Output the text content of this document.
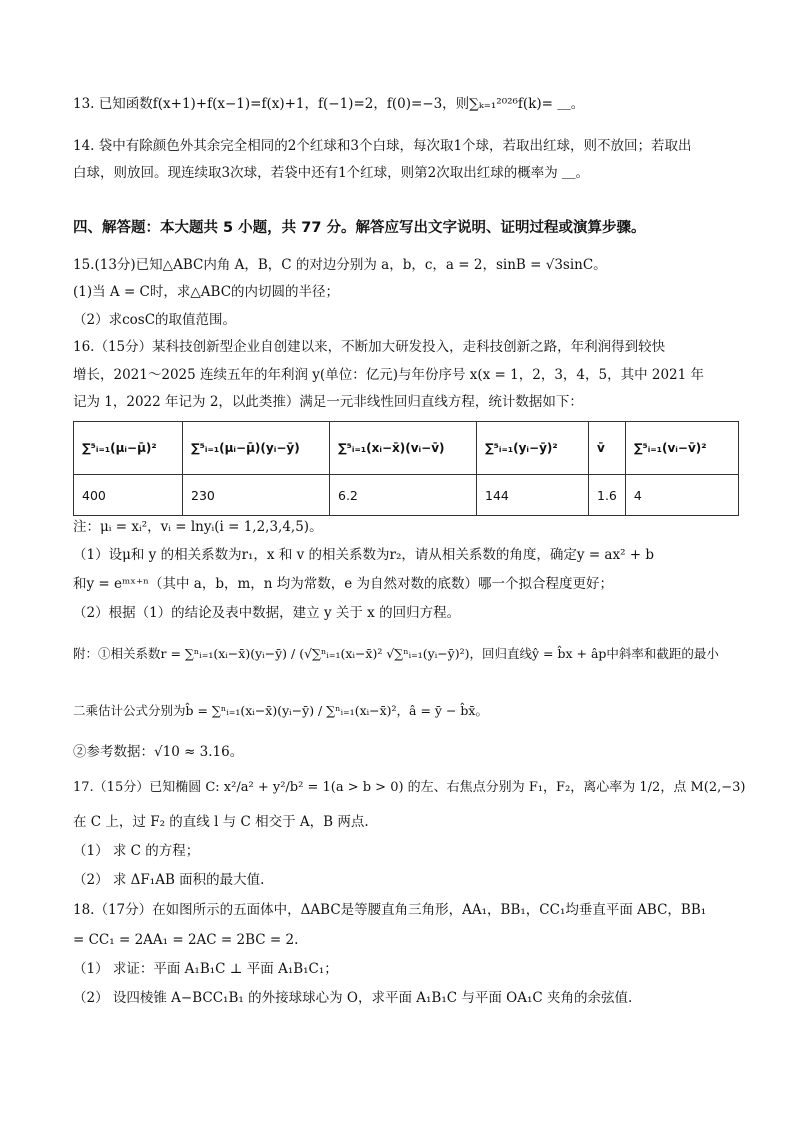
13. 已知函数f(x+1)+f(x−1)=f(x)+1，f(−1)=2，f(0)=−3，则∑ₖ₌₁²⁰²⁶f(k)= ＿。
14. 袋中有除颜色外其余完全相同的2个红球和3个白球，每次取1个球，若取出红球，则不放回；若取出
白球，则放回。现连续取3次球，若袋中还有1个红球，则第2次取出红球的概率为 ＿。
四、解答题：本大题共 5 小题，共 77 分。解答应写出文字说明、证明过程或演算步骤。
15.(13分)已知△ABC内角 A，B，C 的对边分别为 a，b，c，a = 2，sinB = √3sinC。
(1)当 A = C时，求△ABC的内切圆的半径；
（2）求cosC的取值范围。
16.（15分）某科技创新型企业自创建以来，不断加大研发投入，走科技创新之路，年利润得到较快
增长，2021～2025 连续五年的年利润 y(单位：亿元)与年份序号 x(x = 1，2，3，4，5，其中 2021 年
记为 1，2022 年记为 2，以此类推）满足一元非线性回归直线方程，统计数据如下：
∑⁵ᵢ₌₁(μᵢ−μ̄)²	∑⁵ᵢ₌₁(μᵢ−μ̄)(yᵢ−ȳ)	∑⁵ᵢ₌₁(xᵢ−x̄)(vᵢ−v̄)	∑⁵ᵢ₌₁(yᵢ−ȳ)²	v̄	∑⁵ᵢ₌₁(vᵢ−v̄)²
400	230	6.2	144	1.6	4
注：μᵢ = xᵢ²，vᵢ = lnyᵢ(i = 1,2,3,4,5)。
（1）设μ和 y 的相关系数为r₁，x 和 v 的相关系数为r₂，请从相关系数的角度，确定y = ax² + b
和y = eᵐˣ⁺ⁿ（其中 a，b，m，n 均为常数，e 为自然对数的底数）哪一个拟合程度更好；
（2）根据（1）的结论及表中数据，建立 y 关于 x 的回归方程。
附：①相关系数r = ∑ⁿᵢ₌₁(xᵢ−x̄)(yᵢ−ȳ) / (√∑ⁿᵢ₌₁(xᵢ−x̄)² √∑ⁿᵢ₌₁(yᵢ−ȳ)²)，回归直线ŷ = b̂x + âp中斜率和截距的最小
二乘估计公式分别为b̂ = ∑ⁿᵢ₌₁(xᵢ−x̄)(yᵢ−ȳ) / ∑ⁿᵢ₌₁(xᵢ−x̄)²，â = ȳ − b̂x̄。
②参考数据：√10 ≈ 3.16。
17.（15分）已知椭圆 C: x²/a² + y²/b² = 1(a > b > 0) 的左、右焦点分别为 F₁，F₂，离心率为 1/2，点 M(2,−3)
在 C 上，过 F₂ 的直线 l 与 C 相交于 A，B 两点.
（1） 求 C 的方程；
（2） 求 ΔF₁AB 面积的最大值.
18.（17分）在如图所示的五面体中，ΔABC是等腰直角三角形，AA₁，BB₁，CC₁均垂直平面 ABC，BB₁
= CC₁ = 2AA₁ = 2AC = 2BC = 2.
（1） 求证：平面 A₁B₁C ⊥ 平面 A₁B₁C₁；
（2） 设四棱锥 A−BCC₁B₁ 的外接球球心为 O，求平面 A₁B₁C 与平面 OA₁C 夹角的余弦值.
